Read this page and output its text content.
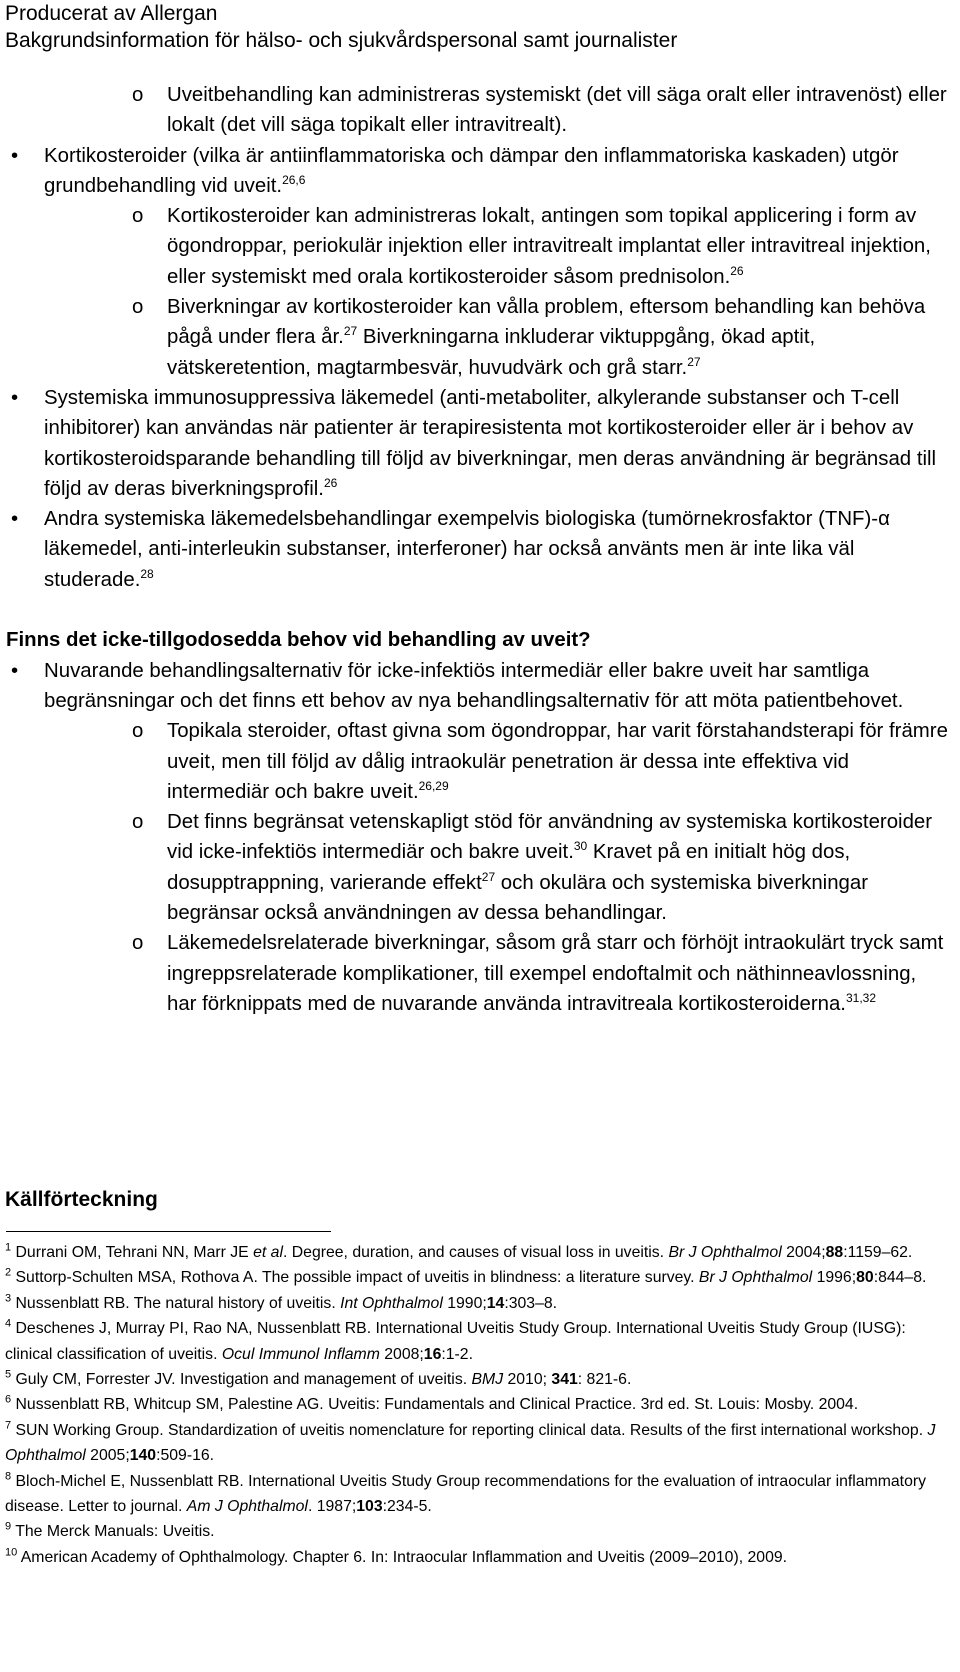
Producerat av Allergan
Bakgrundsinformation för hälso- och sjukvårdspersonal samt journalister
o Uveitbehandling kan administreras systemiskt (det vill säga oralt eller intravenöst) eller lokalt (det vill säga topikalt eller intravitrealt).
• Kortikosteroider (vilka är antiinflammatoriska och dämpar den inflammatoriska kaskaden) utgör grundbehandling vid uveit.$^{26,6}$
o Kortikosteroider kan administreras lokalt, antingen som topikal applicering i form av ögondroppar, periokulär injektion eller intravitrealt implantat eller intravitreal injektion, eller systemiskt med orala kortikosteroider såsom prednisolon.$^{26}$
o Biverkningar av kortikosteroider kan vålla problem, eftersom behandling kan behöva pågå under flera år.$^{27}$ Biverkningarna inkluderar viktuppgång, ökad aptit, vätskeretention, magtarmbesvär, huvudvärk och grå starr.$^{27}$
• Systemiska immunosuppressiva läkemedel (anti-metaboliter, alkylerande substanser och T-cell inhibitorer) kan användas när patienter är terapiresistenta mot kortikosteroider eller är i behov av kortikosteroidsparande behandling till följd av biverkningar, men deras användning är begränsad till följd av deras biverkningsprofil.$^{26}$
• Andra systemiska läkemedelsbehandlingar exempelvis biologiska (tumörnekrosfaktor (TNF)-α läkemedel, anti-interleukin substanser, interferoner) har också använts men är inte lika väl studerade.$^{28}$

Finns det icke-tillgodosedda behov vid behandling av uveit?
• Nuvarande behandlingsalternativ för icke-infektiös intermediär eller bakre uveit har samtliga begränsningar och det finns ett behov av nya behandlingsalternativ för att möta patientbehovet.
o Topikala steroider, oftast givna som ögondroppar, har varit förstahandsterapi för främre uveit, men till följd av dålig intraokulär penetration är dessa inte effektiva vid intermediär och bakre uveit.$^{26,29}$
o Det finns begränsat vetenskapligt stöd för användning av systemiska kortikosteroider vid icke-infektiös intermediär och bakre uveit.$^{30}$ Kravet på en initialt hög dos, dosupptrappning, varierande effekt$^{27}$ och okulära och systemiska biverkningar begränsar också användningen av dessa behandlingar.
o Läkemedelsrelaterade biverkningar, såsom grå starr och förhöjt intraokulärt tryck samt ingreppsrelaterade komplikationer, till exempel endoftalmit och näthinneavlossning, har förknippats med de nuvarande använda intravitreala kortikosteroiderna.$^{31,32}$
Källförteckning
$^1$ Durrani OM, Tehrani NN, Marr JE et al. Degree, duration, and causes of visual loss in uveitis. Br J Ophthalmol 2004;88:1159–62.
$^2$ Suttorp-Schulten MSA, Rothova A. The possible impact of uveitis in blindness: a literature survey. Br J Ophthalmol 1996;80:844–8.
$^3$ Nussenblatt RB. The natural history of uveitis. Int Ophthalmol 1990;14:303–8.
$^4$ Deschenes J, Murray PI, Rao NA, Nussenblatt RB. International Uveitis Study Group. International Uveitis Study Group (IUSG): clinical classification of uveitis. Ocul Immunol Inflamm 2008;16:1-2.
$^5$ Guly CM, Forrester JV. Investigation and management of uveitis. BMJ 2010; 341: 821-6.
$^6$ Nussenblatt RB, Whitcup SM, Palestine AG. Uveitis: Fundamentals and Clinical Practice. 3rd ed. St. Louis: Mosby. 2004.
$^7$ SUN Working Group. Standardization of uveitis nomenclature for reporting clinical data. Results of the first international workshop. J Ophthalmol 2005;140:509-16.
$^8$ Bloch-Michel E, Nussenblatt RB. International Uveitis Study Group recommendations for the evaluation of intraocular inflammatory disease. Letter to journal. Am J Ophthalmol. 1987;103:234-5.
$^9$ The Merck Manuals: Uveitis.
$^{10}$ American Academy of Ophthalmology. Chapter 6. In: Intraocular Inflammation and Uveitis (2009–2010), 2009.
